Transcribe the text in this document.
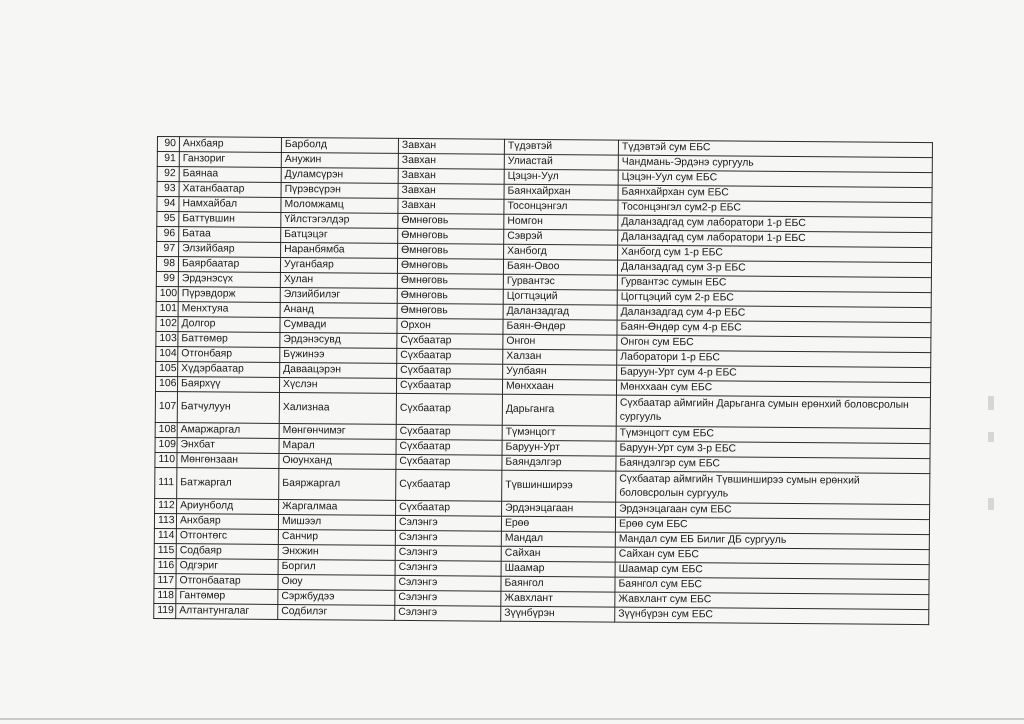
90	Анхбаяр	Барболд	Завхан	Түдэвтэй	Түдэвтэй сум ЕБС
91	Ганзориг	Анужин	Завхан	Улиастай	Чандмань-Эрдэнэ сургууль
92	Баянаа	Дуламсүрэн	Завхан	Цэцэн-Уул	Цэцэн-Уул сум ЕБС
93	Хатанбаатар	Пүрэвсүрэн	Завхан	Баянхайрхан	Баянхайрхан сум ЕБС
94	Намхайбал	Моломжамц	Завхан	Тосонцэнгэл	Тосонцэнгэл сум2-р ЕБС
95	Баттүвшин	Үйлстэгэлдэр	Өмнөговь	Номгон	Даланзадгад сум лаборатори 1-р ЕБС
96	Батаа	Батцэцэг	Өмнөговь	Сэврэй	Даланзадгад сум лаборатори 1-р ЕБС
97	Элзийбаяр	Наранбямба	Өмнөговь	Ханбогд	Ханбогд сум 1-р ЕБС
98	Баярбаатар	Ууганбаяр	Өмнөговь	Баян-Овоо	Даланзадгад сум 3-р ЕБС
99	Эрдэнэсүх	Хулан	Өмнөговь	Гурвантэс	Гурвантэс сумын ЕБС
100	Пүрэвдорж	Элзийбилэг	Өмнөговь	Цогтцэций	Цогтцэций сум 2-р ЕБС
101	Менхтуяа	Ананд	Өмнөговь	Даланзадгад	Даланзадгад сум 4-р ЕБС
102	Долгор	Сумвади	Орхон	Баян-Өндөр	Баян-Өндөр сум 4-р ЕБС
103	Баттөмөр	Эрдэнэсувд	Сүхбаатар	Онгон	Онгон сум ЕБС
104	Отгонбаяр	Бүжинээ	Сүхбаатар	Халзан	Лаборатори 1-р ЕБС
105	Хүдэрбаатар	Даваацэрэн	Сүхбаатар	Уулбаян	Баруун-Урт сум 4-р ЕБС
106	Баярхүү	Хүслэн	Сүхбаатар	Мөнххаан	Мөнххаан сум ЕБС
107	Батчулуун	Хализнаа	Сүхбаатар	Дарьганга	Сүхбаатар аймгийн Дарьганга сумын ерөнхий боловсролын сургууль
108	Амаржаргал	Мөнгөнчимэг	Сүхбаатар	Түмэнцогт	Түмэнцогт сум ЕБС
109	Энхбат	Марал	Сүхбаатар	Баруун-Урт	Баруун-Урт сум 3-р ЕБС
110	Мөнгөнзаан	Оюунханд	Сүхбаатар	Баяндэлгэр	Баяндэлгэр сум ЕБС
111	Батжаргал	Баяржаргал	Сүхбаатар	Түвшинширээ	Сүхбаатар аймгийн Түвшинширээ сумын ерөнхий боловсролын сургууль
112	Ариунболд	Жаргалмаа	Сүхбаатар	Эрдэнэцагаан	Эрдэнэцагаан сум ЕБС
113	Анхбаяр	Мишээл	Сэлэнгэ	Ерөө	Ерөө сум ЕБС
114	Отгонтөгс	Санчир	Сэлэнгэ	Мандал	Мандал сум ЕБ Билиг ДБ сургууль
115	Содбаяр	Энхжин	Сэлэнгэ	Сайхан	Сайхан сум ЕБС
116	Одгэриг	Боргил	Сэлэнгэ	Шаамар	Шаамар сум ЕБС
117	Отгонбаатар	Оюу	Сэлэнгэ	Баянгол	Баянгол сум ЕБС
118	Гантөмөр	Сэржбудээ	Сэлэнгэ	Жавхлант	Жавхлант сум ЕБС
119	Алтантунгалаг	Содбилэг	Сэлэнгэ	Зүүнбүрэн	Зүүнбүрэн сум ЕБС
